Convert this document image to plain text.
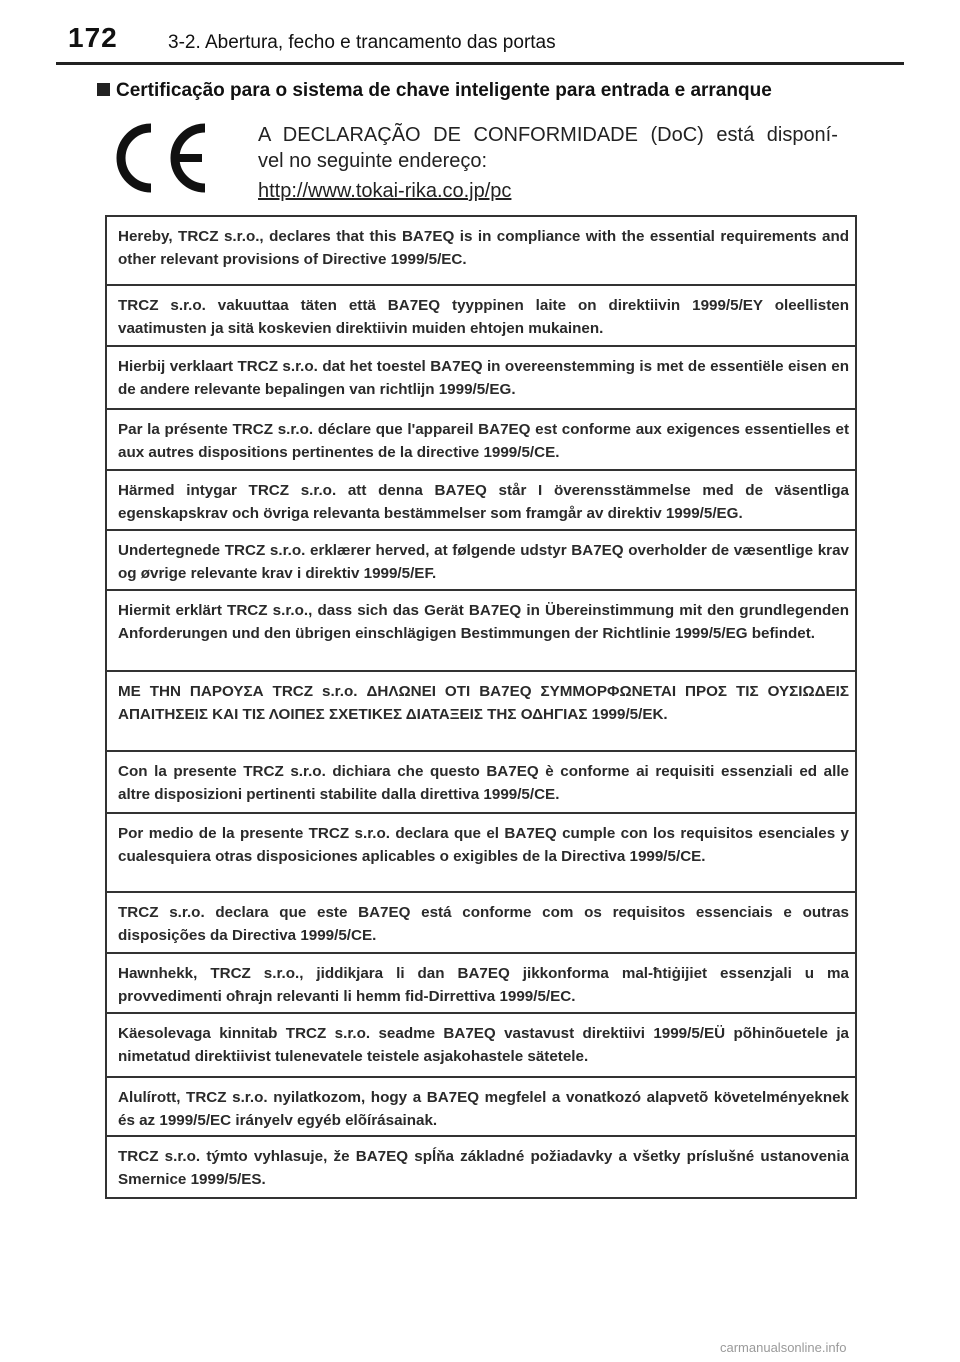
172	3-2. Abertura, fecho e trancamento das portas
Certificação para o sistema de chave inteligente para entrada e arranque
A DECLARAÇÃO DE CONFORMIDADE (DoC) está disponí-
vel no seguinte endereço:
http://www.tokai-rika.co.jp/pc
Hereby, TRCZ s.r.o., declares that this BA7EQ is in compliance with the essential requirements and other relevant provisions of Directive 1999/5/EC.
TRCZ s.r.o. vakuuttaa täten että BA7EQ tyyppinen laite on direktiivin 1999/5/EY oleellisten vaatimusten ja sitä koskevien direktiivin muiden ehtojen mukainen.
Hierbij verklaart TRCZ s.r.o. dat het toestel BA7EQ in overeenstemming is met de essentiële eisen en de andere relevante bepalingen van richtlijn 1999/5/EG.
Par la présente TRCZ s.r.o. déclare que l'appareil BA7EQ est conforme aux exigences essentielles et aux autres dispositions pertinentes de la directive 1999/5/CE.
Härmed intygar TRCZ s.r.o. att denna BA7EQ står I överensstämmelse med de väsentliga egenskapskrav och övriga relevanta bestämmelser som framgår av direktiv 1999/5/EG.
Undertegnede TRCZ s.r.o. erklærer herved, at følgende udstyr BA7EQ overholder de væsentlige krav og øvrige relevante krav i direktiv 1999/5/EF.
Hiermit erklärt TRCZ s.r.o., dass sich das Gerät BA7EQ in Übereinstimmung mit den grundlegenden Anforderungen und den übrigen einschlägigen Bestimmungen der Richtlinie 1999/5/EG befindet.
ΜΕ ΤΗΝ ΠΑΡΟΥΣΑ TRCZ s.r.o. ΔΗΛΩΝΕΙ ΟΤΙ BA7EQ ΣΥΜΜΟΡΦΩΝΕΤΑΙ ΠΡΟΣ ΤΙΣ ΟΥΣΙΩΔΕΙΣ ΑΠΑΙΤΗΣΕΙΣ ΚΑΙ ΤΙΣ ΛΟΙΠΕΣ ΣΧΕΤΙΚΕΣ ΔΙΑΤΑΞΕΙΣ ΤΗΣ ΟΔΗΓΙΑΣ 1999/5/ΕΚ.
Con la presente TRCZ s.r.o. dichiara che questo BA7EQ è conforme ai requisiti essenziali ed alle altre disposizioni pertinenti stabilite dalla direttiva 1999/5/CE.
Por medio de la presente TRCZ s.r.o. declara que el BA7EQ cumple con los requisitos esenciales y cualesquiera otras disposiciones aplicables o exigibles de la Directiva 1999/5/CE.
TRCZ s.r.o. declara que este BA7EQ está conforme com os requisitos essenciais e outras disposições da Directiva 1999/5/CE.
Hawnhekk, TRCZ s.r.o., jiddikjara li dan BA7EQ jikkonforma mal-ħtiġijiet essenzjali u ma provvedimenti oħrajn relevanti li hemm fid-Dirrettiva 1999/5/EC.
Käesolevaga kinnitab TRCZ s.r.o. seadme BA7EQ vastavust direktiivi 1999/5/EÜ põhinõuetele ja nimetatud direktiivist tulenevatele teistele asjakohastele sätetele.
Alulírott, TRCZ s.r.o. nyilatkozom, hogy a BA7EQ megfelel a vonatkozó alapvetõ követelményeknek és az 1999/5/EC irányelv egyéb elõírásainak.
TRCZ s.r.o. týmto vyhlasuje, že BA7EQ spĺňa základné požiadavky a všetky príslušné ustanovenia Smernice 1999/5/ES.
carmanualsonline.info
